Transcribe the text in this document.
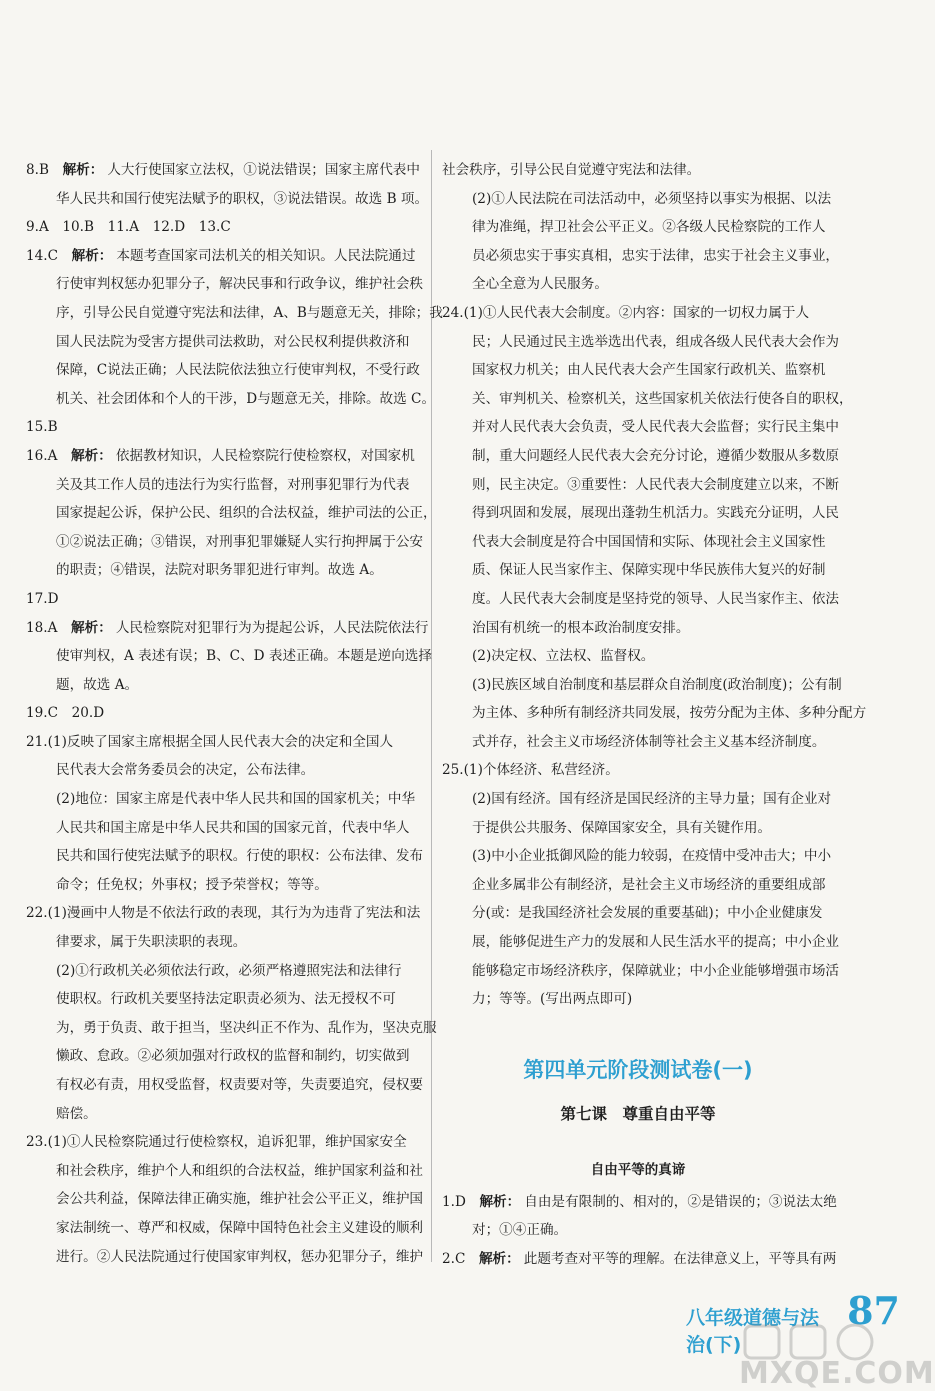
8.B　解析： 人大行使国家立法权，①说法错误；国家主席代表中
华人民共和国行使宪法赋予的职权，③说法错误。故选 B 项。
9.A　10.B　11.A　12.D　13.C
14.C　解析： 本题考查国家司法机关的相关知识。人民法院通过
行使审判权惩办犯罪分子，解决民事和行政争议，维护社会秩
序，引导公民自觉遵守宪法和法律，A、B与题意无关，排除；我
国人民法院为受害方提供司法救助，对公民权利提供救济和
保障，C说法正确；人民法院依法独立行使审判权，不受行政
机关、社会团体和个人的干涉，D与题意无关，排除。故选 C。
15.B
16.A　解析： 依据教材知识，人民检察院行使检察权，对国家机
关及其工作人员的违法行为实行监督，对刑事犯罪行为代表
国家提起公诉，保护公民、组织的合法权益，维护司法的公正，
①②说法正确；③错误，对刑事犯罪嫌疑人实行拘押属于公安
的职责；④错误，法院对职务罪犯进行审判。故选 A。
17.D
18.A　解析： 人民检察院对犯罪行为为提起公诉，人民法院依法行
使审判权，A 表述有误；B、C、D 表述正确。本题是逆向选择
题，故选 A。
19.C　20.D
21.(1)反映了国家主席根据全国人民代表大会的决定和全国人
民代表大会常务委员会的决定，公布法律。
(2)地位：国家主席是代表中华人民共和国的国家机关；中华
人民共和国主席是中华人民共和国的国家元首，代表中华人
民共和国行使宪法赋予的职权。行使的职权：公布法律、发布
命令；任免权；外事权；授予荣誉权；等等。
22.(1)漫画中人物是不依法行政的表现，其行为为违背了宪法和法
律要求，属于失职渎职的表现。
(2)①行政机关必须依法行政，必须严格遵照宪法和法律行
使职权。行政机关要坚持法定职责必须为、法无授权不可
为，勇于负责、敢于担当，坚决纠正不作为、乱作为，坚决克服
懒政、怠政。②必须加强对行政权的监督和制约，切实做到
有权必有责，用权受监督，权责要对等，失责要追究，侵权要
赔偿。
23.(1)①人民检察院通过行使检察权，追诉犯罪，维护国家安全
和社会秩序，维护个人和组织的合法权益，维护国家利益和社
会公共利益，保障法律正确实施，维护社会公平正义，维护国
家法制统一、尊严和权威，保障中国特色社会主义建设的顺利
进行。②人民法院通过行使国家审判权，惩办犯罪分子，维护
社会秩序，引导公民自觉遵守宪法和法律。
(2)①人民法院在司法活动中，必须坚持以事实为根据、以法
律为准绳，捍卫社会公平正义。②各级人民检察院的工作人
员必须忠实于事实真相，忠实于法律，忠实于社会主义事业，
全心全意为人民服务。
24.(1)①人民代表大会制度。②内容：国家的一切权力属于人
民；人民通过民主选举选出代表，组成各级人民代表大会作为
国家权力机关；由人民代表大会产生国家行政机关、监察机
关、审判机关、检察机关，这些国家机关依法行使各自的职权，
并对人民代表大会负责，受人民代表大会监督；实行民主集中
制，重大问题经人民代表大会充分讨论，遵循少数服从多数原
则，民主决定。③重要性：人民代表大会制度建立以来，不断
得到巩固和发展，展现出蓬勃生机活力。实践充分证明，人民
代表大会制度是符合中国国情和实际、体现社会主义国家性
质、保证人民当家作主、保障实现中华民族伟大复兴的好制
度。人民代表大会制度是坚持党的领导、人民当家作主、依法
治国有机统一的根本政治制度安排。
(2)决定权、立法权、监督权。
(3)民族区域自治制度和基层群众自治制度(政治制度)；公有制
为主体、多种所有制经济共同发展，按劳分配为主体、多种分配方
式并存，社会主义市场经济体制等社会主义基本经济制度。
25.(1)个体经济、私营经济。
(2)国有经济。国有经济是国民经济的主导力量；国有企业对
于提供公共服务、保障国家安全，具有关键作用。
(3)中小企业抵御风险的能力较弱，在疫情中受冲击大；中小
企业多属非公有制经济，是社会主义市场经济的重要组成部
分(或：是我国经济社会发展的重要基础)；中小企业健康发
展，能够促进生产力的发展和人民生活水平的提高；中小企业
能够稳定市场经济秩序，保障就业；中小企业能够增强市场活
力；等等。(写出两点即可)
第四单元阶段测试卷(一)
第七课　尊重自由平等
自由平等的真谛
1.D　解析： 自由是有限制的、相对的，②是错误的；③说法太绝
对；①④正确。
2.C　解析： 此题考查对平等的理解。在法律意义上，平等具有两
八年级道德与法治(下)
87
MXQE.COM
